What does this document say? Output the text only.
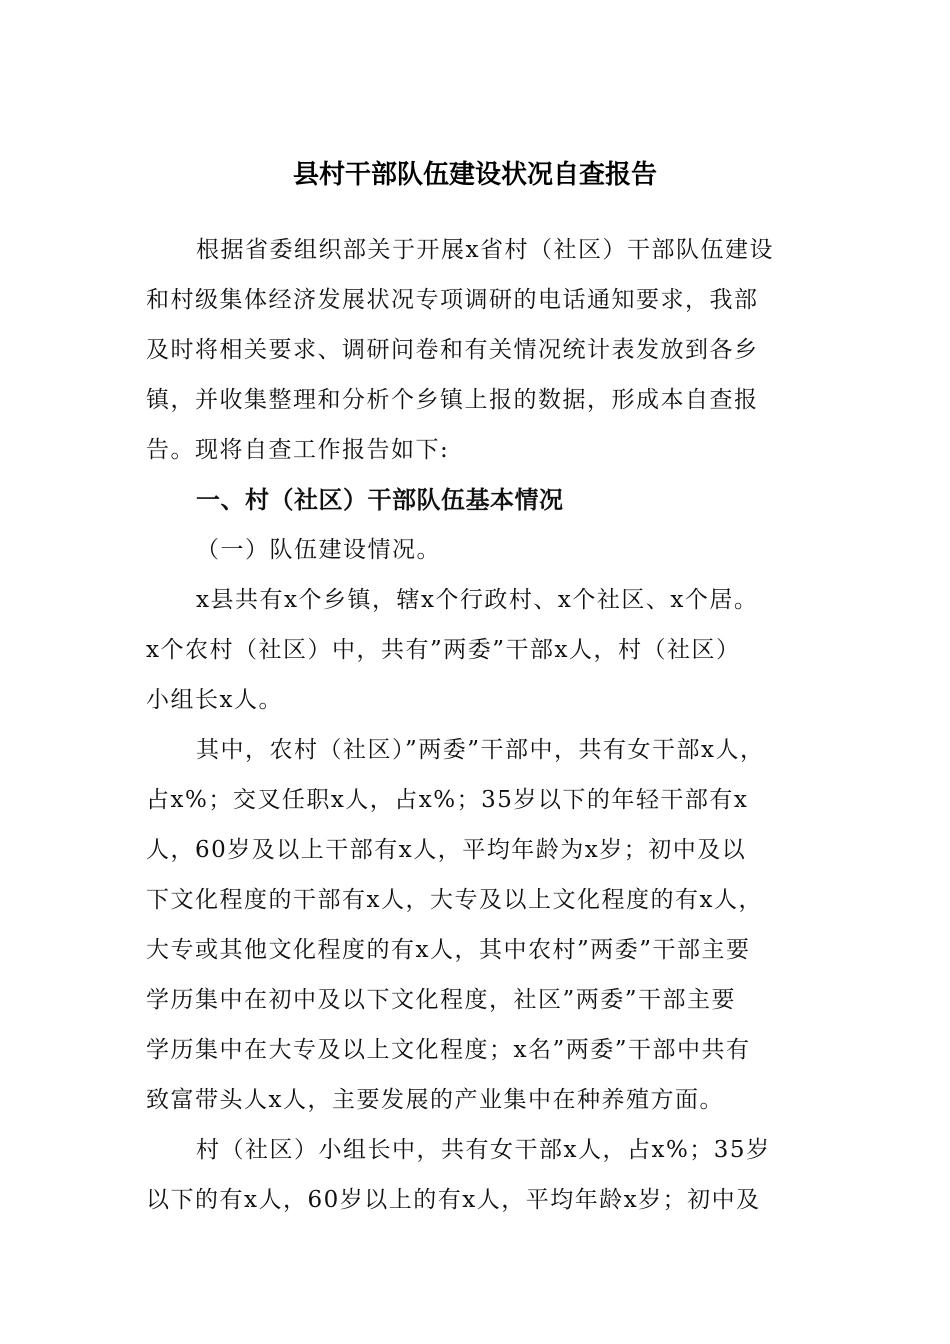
县村干部队伍建设状况自查报告
根据省委组织部关于开展x省村（社区）干部队伍建设
和村级集体经济发展状况专项调研的电话通知要求，我部
及时将相关要求、调研问卷和有关情况统计表发放到各乡
镇，并收集整理和分析个乡镇上报的数据，形成本自查报
告。现将自查工作报告如下:
一、村（社区）干部队伍基本情况
（一）队伍建设情况。
x县共有x个乡镇，辖x个行政村、x个社区、x个居。
x个农村（社区）中，共有”两委”干部x人，村（社区）
小组长x人。
其中，农村（社区）”两委”干部中，共有女干部x人，
占x%；交叉任职x人，占x%；35岁以下的年轻干部有x
人，60岁及以上干部有x人，平均年龄为x岁；初中及以
下文化程度的干部有x人，大专及以上文化程度的有x人，
大专或其他文化程度的有x人，其中农村”两委”干部主要
学历集中在初中及以下文化程度，社区”两委”干部主要
学历集中在大专及以上文化程度；x名”两委”干部中共有
致富带头人x人，主要发展的产业集中在种养殖方面。
村（社区）小组长中，共有女干部x人，占x%；35岁
以下的有x人，60岁以上的有x人，平均年龄x岁；初中及
